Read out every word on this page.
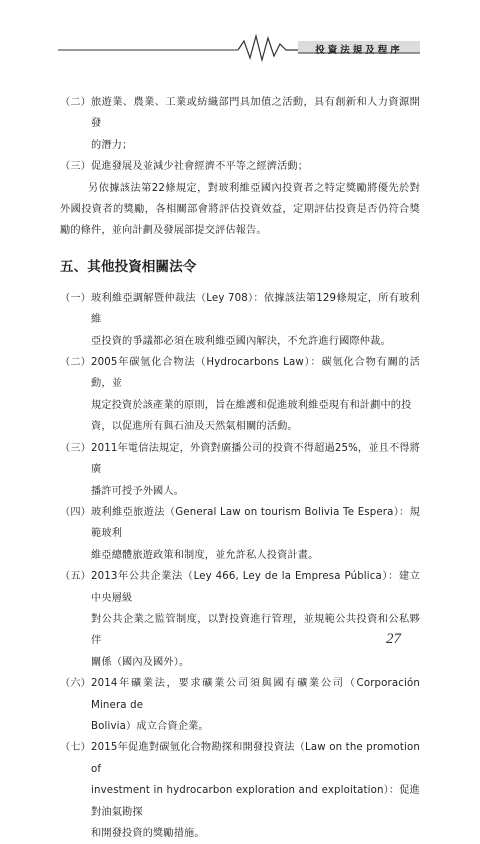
投資法規及程序
（二） 旅遊業、農業、工業或紡織部門具加值之活動，具有創新和人力資源開發
的潛力；
（三） 促進發展及並減少社會經濟不平等之經濟活動；
另依據該法第22條規定，對玻利維亞國內投資者之特定獎勵將優先於對外國投資者的獎勵，各相關部會將評估投資效益，定期評估投資是否仍符合獎勵的條件，並向計劃及發展部提交評估報告。
五、其他投資相關法令
（一） 玻利維亞調解暨仲裁法（Ley 708）：依據該法第129條規定，所有玻利維
亞投資的爭議都必須在玻利維亞國內解決，不允許進行國際仲裁。
（二） 2005年碳氫化合物法（Hydrocarbons Law）：碳氫化合物有關的活動，並
規定投資於該產業的原則，旨在維護和促進玻利維亞現有和計劃中的投
資，以促進所有與石油及天然氣相關的活動。
（三） 2011年電信法規定，外資對廣播公司的投資不得超過25%，並且不得將廣
播許可授予外國人。
（四） 玻利維亞旅遊法（General Law on tourism Bolivia Te Espera）：規範玻利
維亞總體旅遊政策和制度，並允許私人投資計畫。
（五） 2013年公共企業法（Ley 466, Ley de la Empresa Pública）：建立中央層級
對公共企業之監管制度，以對投資進行管理，並規範公共投資和公私夥伴
關係（國內及國外）。
（六） 2014年礦業法，要求礦業公司須與國有礦業公司（Corporación Minera de
Bolivia）成立合資企業。
（七） 2015年促進對碳氫化合物勘探和開發投資法（Law on the promotion of
investment in hydrocarbon exploration and exploitation）：促進對油氣勘探
和開發投資的獎勵措施。
27
